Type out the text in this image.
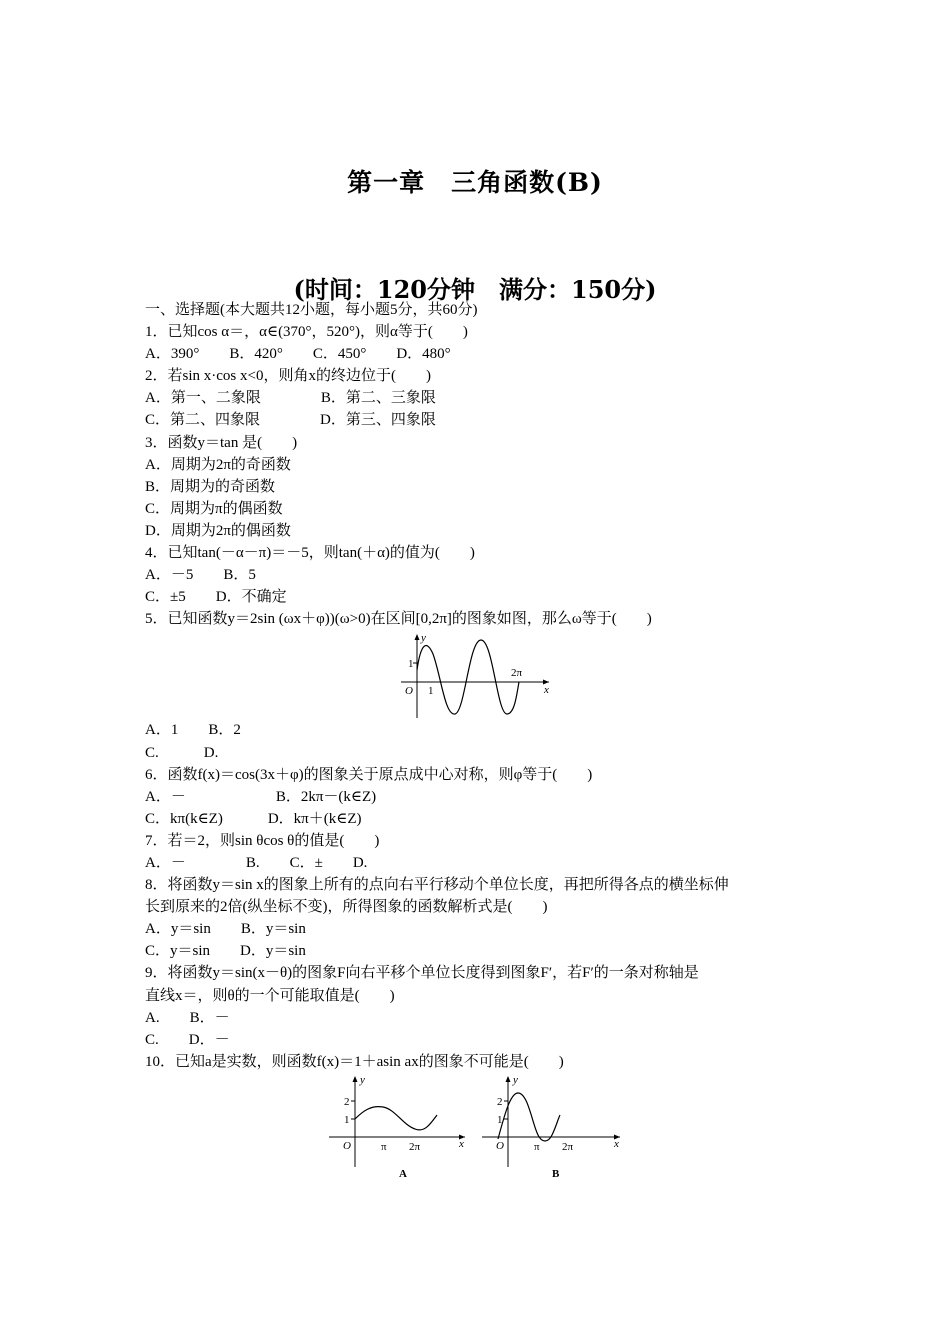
第一章　三角函数(B)
(时间：120分钟　满分：150分)
一、选择题(本大题共12小题，每小题5分，共60分)
1．已知cos α＝，α∈(370°，520°)，则α等于(　　)
A．390°　　B．420°　　C．450°　　D．480°
2．若sin x·cos x<0，则角x的终边位于(　　)
A．第一、二象限　　　　B．第二、三象限
C．第二、四象限　　　　D．第三、四象限
3．函数y＝tan 是(　　)
A．周期为2π的奇函数
B．周期为的奇函数
C．周期为π的偶函数
D．周期为2π的偶函数
4．已知tan(－α－π)＝－5，则tan(＋α)的值为(　　)
A．－5　　B．5
C．±5　　D．不确定
5．已知函数y＝2sin (ωx＋φ))(ω>0)在区间[0,2π]的图象如图，那么ω等于(　　)
y
x
O
1
1
2π
A．1　　B．2
C.　　　D.
6．函数f(x)＝cos(3x＋φ)的图象关于原点成中心对称，则φ等于(　　)
A．－　　　　　　B．2kπ－(k∈Z)
C．kπ(k∈Z)　　　D．kπ＋(k∈Z)
7．若＝2，则sin θcos θ的值是(　　)
A．－　　　　B.　　C．±　　D.
8．将函数y＝sin x的图象上所有的点向右平行移动个单位长度，再把所得各点的横坐标伸
长到原来的2倍(纵坐标不变)，所得图象的函数解析式是(　　)
A．y＝sin　　B．y＝sin
C．y＝sin　　D．y＝sin
9．将函数y＝sin(x－θ)的图象F向右平移个单位长度得到图象F′，若F′的一条对称轴是
直线x＝，则θ的一个可能取值是(　　)
A.　　B．－
C.　　D．－
10．已知a是实数，则函数f(x)＝1＋asin ax的图象不可能是(　　)
y
x
O
2
1
π 2π
A
y
x
O
2
1
π 2π
B
